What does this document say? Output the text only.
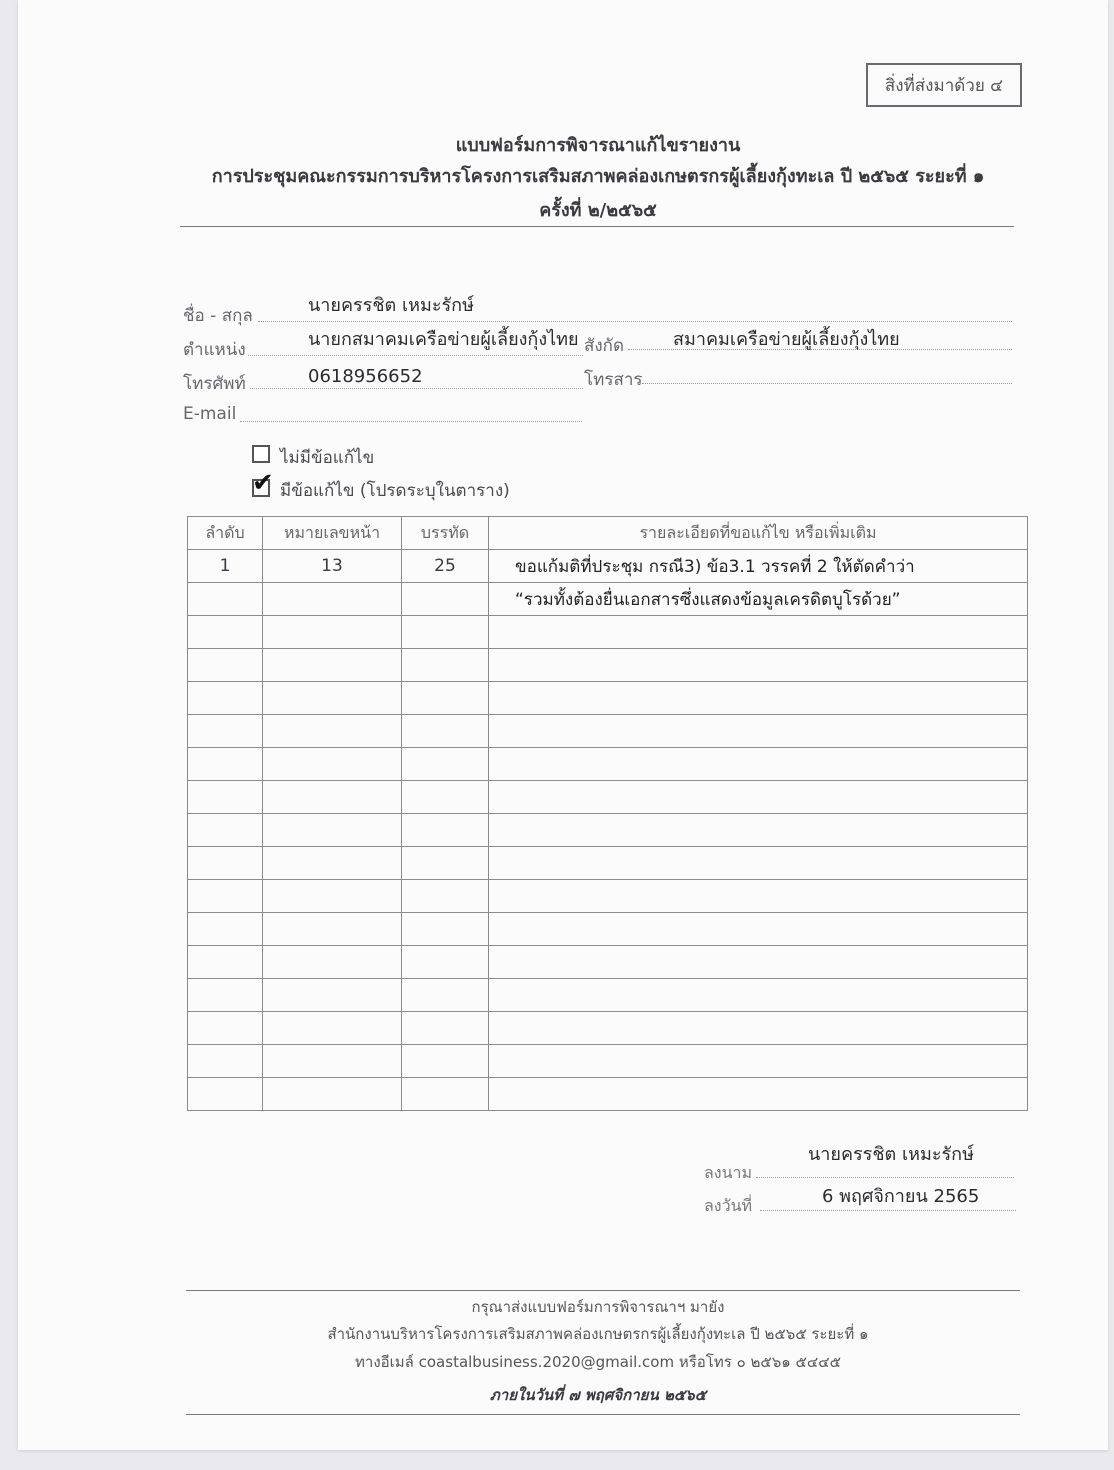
สิ่งที่ส่งมาด้วย ๔
แบบฟอร์มการพิจารณาแก้ไขรายงาน
การประชุมคณะกรรมการบริหารโครงการเสริมสภาพคล่องเกษตรกรผู้เลี้ยงกุ้งทะเล ปี ๒๕๖๕ ระยะที่ ๑
ครั้งที่ ๒/๒๕๖๕
ชื่อ - สกุล	นายครรชิต เหมะรักษ์
ตำแหน่ง	นายกสมาคมเครือข่ายผู้เลี้ยงกุ้งไทย สังกัด	สมาคมเครือข่ายผู้เลี้ยงกุ้งไทย
โทรศัพท์	0618956652	โทรสาร
E-mail
ไม่มีข้อแก้ไข
✔ มีข้อแก้ไข (โปรดระบุในตาราง)
ลำดับ	หมายเลขหน้า	บรรทัด	รายละเอียดที่ขอแก้ไข หรือเพิ่มเติม
1	13	25	ขอแก้มติที่ประชุม กรณี3) ข้อ3.1 วรรคที่ 2 ให้ตัดคำว่า
			“รวมทั้งต้องยื่นเอกสารซึ่งแสดงข้อมูลเครดิตบูโรด้วย”

นายครรชิต เหมะรักษ์
ลงนาม
6 พฤศจิกายน 2565
ลงวันที่
กรุณาส่งแบบฟอร์มการพิจารณาฯ มายัง
สำนักงานบริหารโครงการเสริมสภาพคล่องเกษตรกรผู้เลี้ยงกุ้งทะเล ปี ๒๕๖๕ ระยะที่ ๑
ทางอีเมล์ coastalbusiness.2020@gmail.com หรือโทร ๐ ๒๕๖๑ ๕๔๔๕
ภายในวันที่ ๗ พฤศจิกายน ๒๕๖๕
